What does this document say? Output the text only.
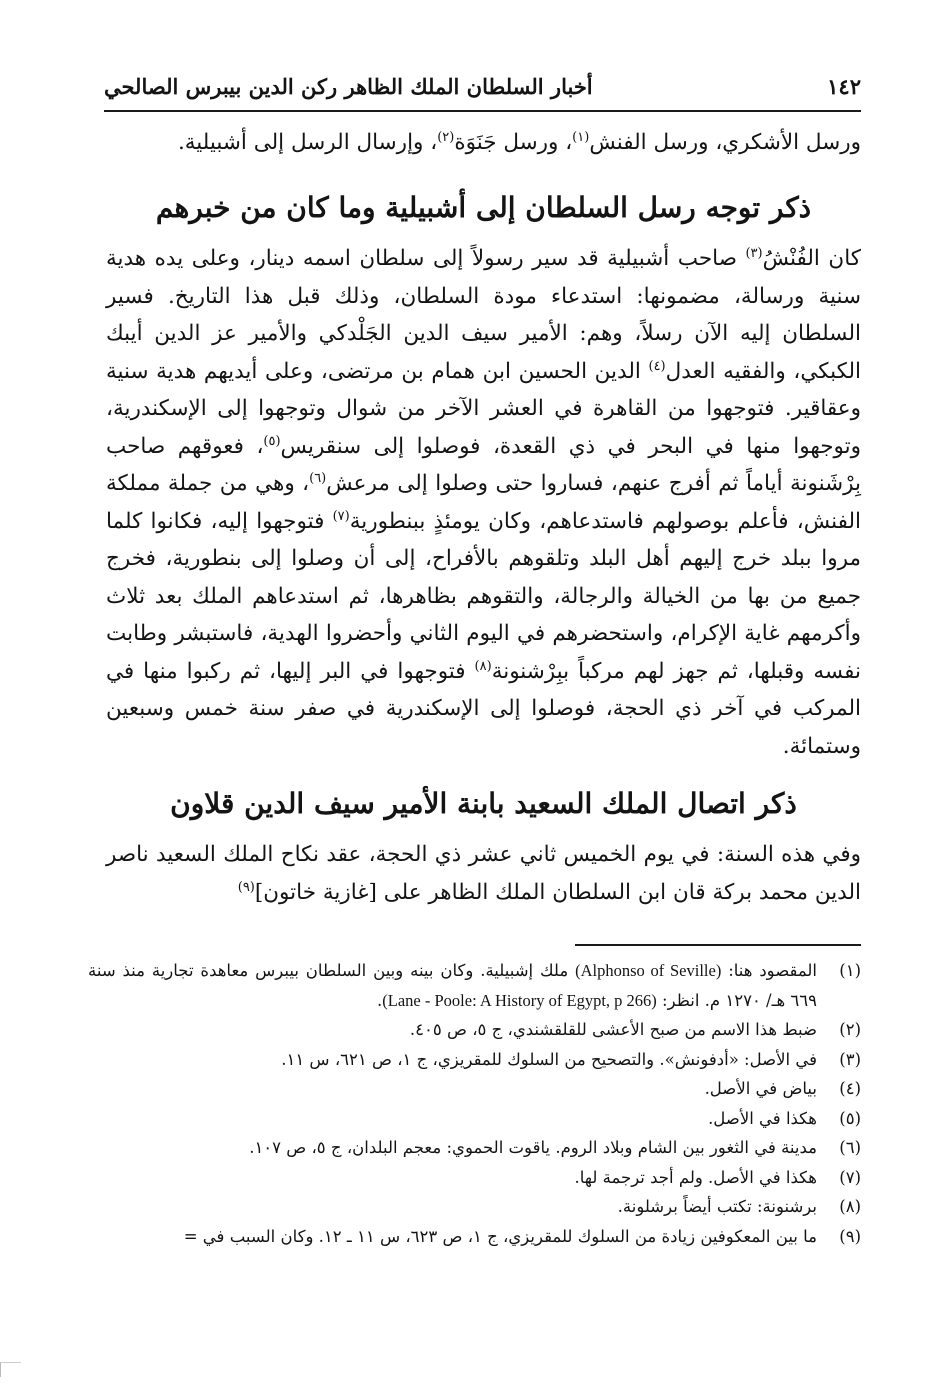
١٤٢
أخبار السلطان الملك الظاهر ركن الدين بيبرس الصالحي

ورسل الأشكري، ورسل الفنش$^{(١)}$، ورسل جَنَوَة$^{(٢)}$، وإرسال الرسل إلى أشبيلية.

ذكر توجه رسل السلطان إلى أشبيلية وما كان من خبرهم

كان الفُنْشُ$^{(٣)}$ صاحب أشبيلية قد سير رسولاً إلى سلطان اسمه دينار، وعلى يده هدية سنية ورسالة، مضمونها: استدعاء مودة السلطان، وذلك قبل هذا التاريخ. فسير السلطان إليه الآن رسلاً، وهم: الأمير سيف الدين الجَلْدكي والأمير عز الدين أيبك الكبكي، والفقيه العدل$^{(٤)}$ الدين الحسين ابن همام بن مرتضى، وعلى أيديهم هدية سنية وعقاقير. فتوجهوا من القاهرة في العشر الآخر من شوال وتوجهوا إلى الإسكندرية، وتوجهوا منها في البحر في ذي القعدة، فوصلوا إلى سنقريس$^{(٥)}$، فعوقهم صاحب بِرْشَنونة أياماً ثم أفرج عنهم، فساروا حتى وصلوا إلى مرعش$^{(٦)}$، وهي من جملة مملكة الفنش، فأعلم بوصولهم فاستدعاهم، وكان يومئذٍ ببنطورية$^{(٧)}$ فتوجهوا إليه، فكانوا كلما مروا ببلد خرج إليهم أهل البلد وتلقوهم بالأفراح، إلى أن وصلوا إلى بنطورية، فخرج جميع من بها من الخيالة والرجالة، والتقوهم بظاهرها، ثم استدعاهم الملك بعد ثلاث وأكرمهم غاية الإكرام، واستحضرهم في اليوم الثاني وأحضروا الهدية، فاستبشر وطابت نفسه وقبلها، ثم جهز لهم مركباً ببِرْشنونة$^{(٨)}$ فتوجهوا في البر إليها، ثم ركبوا منها في المركب في آخر ذي الحجة، فوصلوا إلى الإسكندرية في صفر سنة خمس وسبعين وستمائة.

ذكر اتصال الملك السعيد بابنة الأمير سيف الدين قلاون

وفي هذه السنة: في يوم الخميس ثاني عشر ذي الحجة، عقد نكاح الملك السعيد ناصر الدين محمد بركة قان ابن السلطان الملك الظاهر على [غازية خاتون]$^{(٩)}$

(١)
المقصود هنا: (Alphonso of Seville) ملك إشبيلية. وكان بينه وبين السلطان بيبرس معاهدة تجارية منذ سنة ٦٦٩ هـ/ ١٢٧٠ م. انظر: (Lane - Poole: A History of Egypt, p 266).
(٢)
ضبط هذا الاسم من صبح الأعشى للقلقشندي، ج ٥، ص ٤٠٥.
(٣)
في الأصل: «أدفونش». والتصحيح من السلوك للمقريزي، ج ١، ص ٦٢١، س ١١.
(٤)
بياض في الأصل.
(٥)
هكذا في الأصل.
(٦)
مدينة في الثغور بين الشام وبلاد الروم. ياقوت الحموي: معجم البلدان، ج ٥، ص ١٠٧.
(٧)
هكذا في الأصل. ولم أجد ترجمة لها.
(٨)
برشنونة: تكتب أيضاً برشلونة.
(٩)
ما بين المعكوفين زيادة من السلوك للمقريزي، ج ١، ص ٦٢٣، س ١١ ـ ١٢. وكان السبب في =
